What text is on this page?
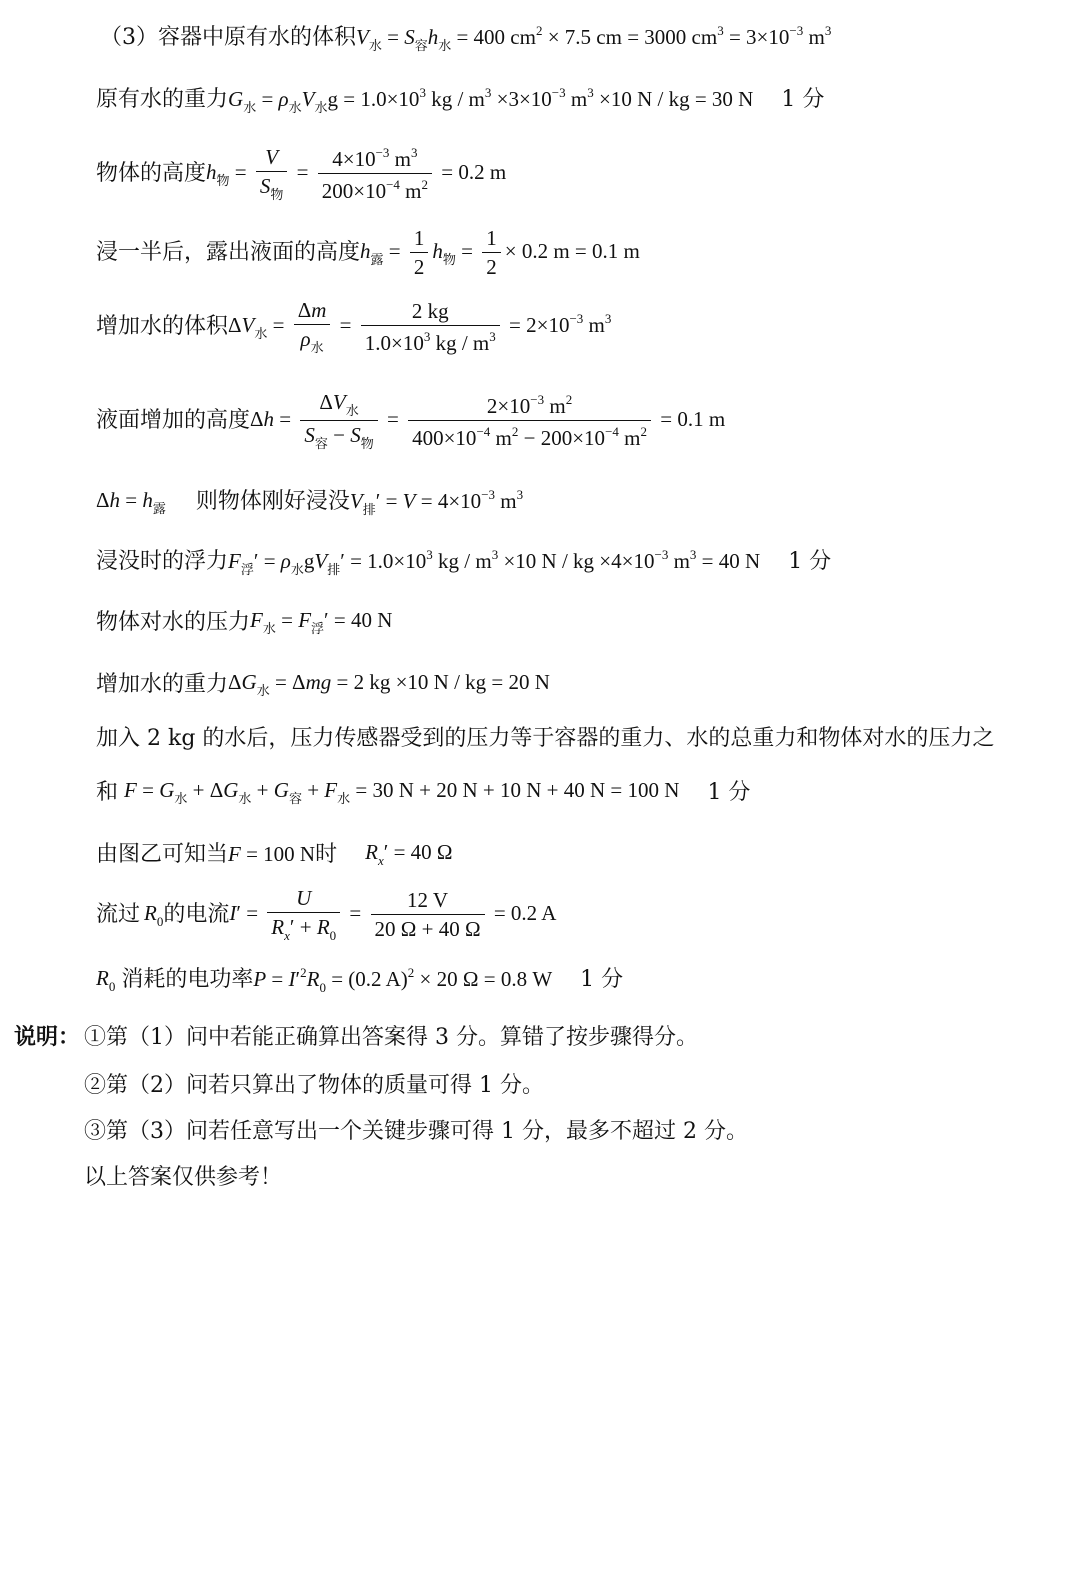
（3）容器中原有水的体积 $V_水 = S_容h_水 = 400$ $cm^2 \times 7.5$ cm = 3000 $cm^3 = 3\times 10^{-3}$ $m^3$
原有水的重力 $G_水 = \rho_水V_水g = 1.0\times 10^3$ kg / $m^3 \times 3\times 10^{-3}$ $m^3 \times 10$ N / kg = 30 N 1 分
物体的高度 $h_物 = \frac{V}{S_物} = \frac{4\times 10^{-3} m^3}{200\times 10^{-4} m^2} = 0.2$ m
浸一半后，露出液面的高度 $h_露 = \frac{1}{2} h_物 = \frac{1}{2} \times 0.2$ m = 0.1 m
增加水的体积 $\Delta V_水 = \frac{\Delta m}{\rho_水} = \frac{2 kg}{1.0\times 10^3 kg / m^3} = 2\times 10^{-3}$ $m^3$
液面增加的高度 $\Delta h = \frac{\Delta V_水}{S_容 - S_物} = \frac{2\times 10^{-3} m^2}{400\times 10^{-4} m^2 - 200\times 10^{-4} m^2} = 0.1$ m
$\Delta h = h_露$ 则物体刚好浸没 $V_排' = V = 4\times 10^{-3}$ $m^3$
浸没时的浮力 $F_浮' = \rho_水gV_排' = 1.0\times 10^3$ kg / $m^3 \times 10$ N / kg $\times 4\times 10^{-3}$ $m^3 = 40$ N 1 分
物体对水的压力 $F_水 = F_浮' = 40$ N
增加水的重力 $\Delta G_水 = \Delta mg = 2$ kg ×10 N / kg = 20 N
加入 2 kg 的水后，压力传感器受到的压力等于容器的重力、水的总重力和物体对水的压力之
和 $F = G_水 + \Delta G_水 + G_容 + F_水 = 30$ N + 20 N + 10 N + 40 N = 100 N 1 分
由图乙可知当 F = 100 N 时 $R_x' = 40$ Ω
流过 $R_0$ 的电流 $I' = \frac{U}{R_x' + R_0} = \frac{12 V}{20 \Omega + 40 \Omega} = 0.2$ A
$R_0$ 消耗的电功率 $P = I'^2R_0 = (0.2$ A)$^2$ × 20 Ω = 0.8 W 1 分
说明： ①第（1）问中若能正确算出答案得 3 分。算错了按步骤得分。
②第（2）问若只算出了物体的质量可得 1 分。
③第（3）问若任意写出一个关键步骤可得 1 分，最多不超过 2 分。
以上答案仅供参考！
